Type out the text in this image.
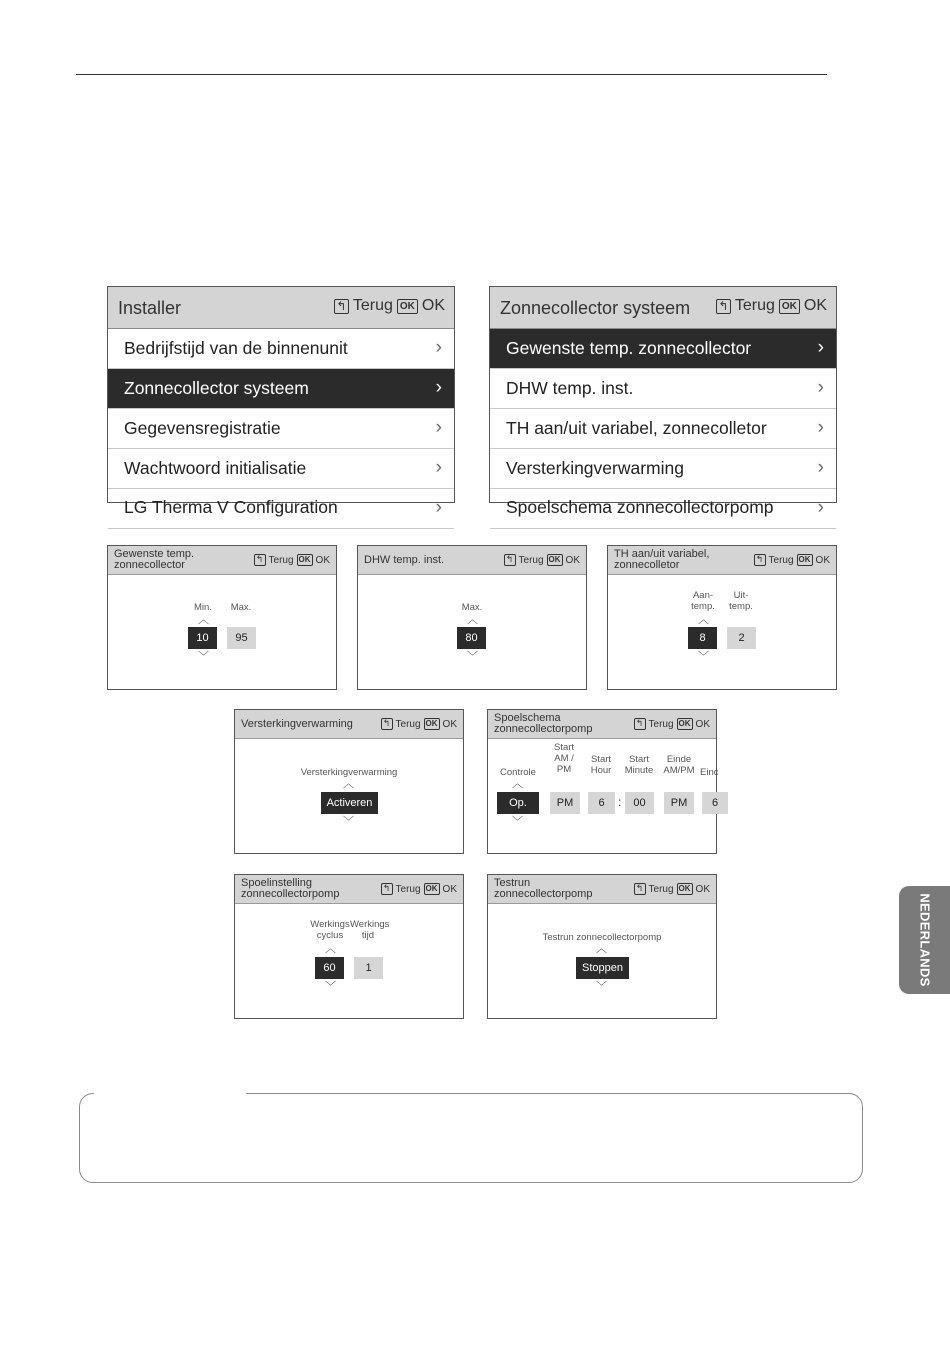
Installer	↰ Terug OK OK
Bedrijfstijd van de binnenunit	›
Zonnecollector systeem	›
Gegevensregistratie	›
Wachtwoord initialisatie	›
LG Therma V Configuration	›
Zonnecollector systeem ↰ Terug OK OK
Gewenste temp. zonnecollector	›
DHW temp. inst.	›
TH aan/uit variabel, zonnecolletor	›
Versterkingverwarming	›
Spoelschema zonnecollectorpomp ›
Gewenste temp.
zonnecollector	↰ Terug OK OK
Min.	Max.
︿
10	95
﹀
DHW temp. inst.	↰ Terug OK OK
Max.
︿
80
﹀
TH aan/uit variabel,
zonnecolletor	↰ Terug OK OK
Aan-
temp.
Uit-
temp.
︿
8	2
﹀
Versterkingverwarming	↰ Terug OK OK
Versterkingverwarming
︿
Activeren
﹀
Spoelschema
zonnecollectorpomp	↰ Terug OK OK
Controle
Start
AM /
PM
Start
Hour
Start
Minute
Einde
AM/PM Einc
︿
Op.	PM	6	:	00	PM	6
﹀
Spoelinstelling
zonnecollectorpomp	↰ Terug OK OK
Werkings
cyclus
Werkings
tijd
︿
60	1
﹀
Testrun
zonnecollectorpomp	↰ Terug OK OK
Testrun zonnecollectorpomp
︿
Stoppen
﹀
NEDERLANDS
